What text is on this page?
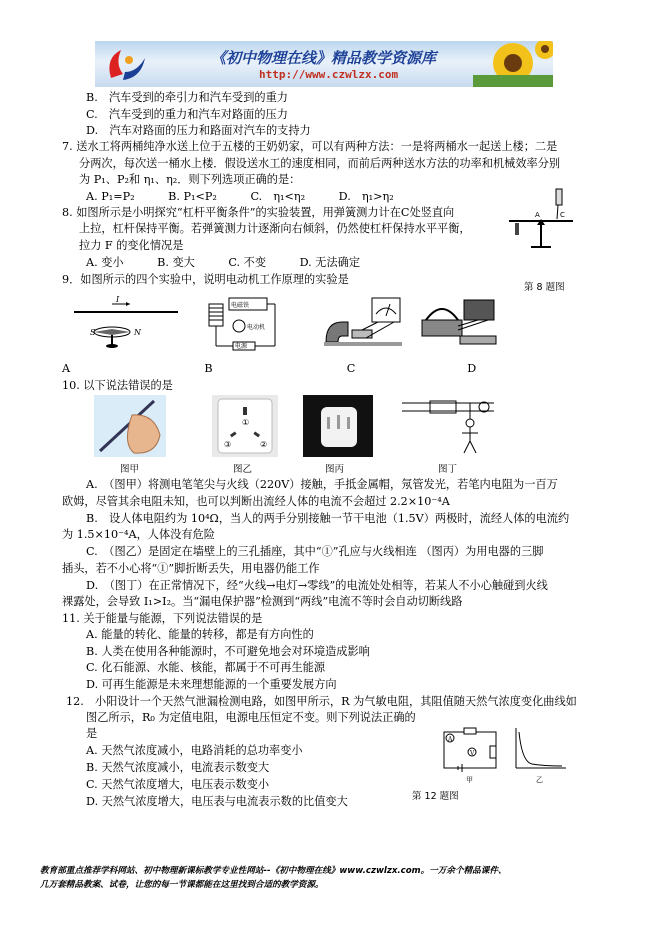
《初中物理在线》精品教学资源库
http://www.czwlzx.com
B.　汽车受到的牵引力和汽车受到的重力
C.　汽车受到的重力和汽车对路面的压力
D.　汽车对路面的压力和路面对汽车的支持力
7. 送水工将两桶纯净水送上位于五楼的王奶奶家，可以有两种方法：一是将两桶水一起送上楼；二是
分两次，每次送一桶水上楼．假设送水工的速度相同，而前后两种送水方法的功率和机械效率分别
为 P₁、P₂和 η₁、η₂．则下列选项正确的是：
A. P₁=P₂　　　B. P₁<P₂　　　C.　η₁<η₂　　　D.　η₁>η₂
8. 如图所示是小明探究“杠杆平衡条件”的实验装置，用弹簧测力计在C处竖直向
上拉，杠杆保持平衡。若弹簧测力计逐渐向右倾斜，仍然使杠杆保持水平平衡，
拉力 F 的变化情况是
A. 变小　　　B. 变大　　　C. 不变　　　D. 无法确定
9．如图所示的四个实验中，说明电动机工作原理的实验是
A　　　　　　　　　　　　B　　　　　　　　　　　　C　　　　　　　　　　D
10. 以下说法错误的是
A.　（图甲）将测电笔笔尖与火线（220V）接触，手抵金属帽，氖管发光，若笔内电阻为一百万
欧姆，尽管其余电阻未知，也可以判断出流经人体的电流不会超过 2.2×10⁻⁴A
B.　设人体电阻约为 10⁴Ω，当人的两手分别接触一节干电池（1.5V）两极时，流经人体的电流约
为 1.5×10⁻⁴A，人体没有危险
C.　（图乙）是固定在墙壁上的三孔插座，其中“①”孔应与火线相连 （图丙）为用电器的三脚
插头，若不小心将“①”脚折断丢失，用电器仍能工作
D.　（图丁）在正常情况下，经“火线→电灯→零线”的电流处处相等，若某人不小心触碰到火线
裸露处，会导致 I₁>I₂。当“漏电保护器”检测到“两线”电流不等时会自动切断线路
11. 关于能量与能源，下列说法错误的是
A. 能量的转化、能量的转移，都是有方向性的
B. 人类在使用各种能源时，不可避免地会对环境造成影响
C. 化石能源、水能、核能，都属于不可再生能源
D. 可再生能源是未来理想能源的一个重要发展方向
12.　小阳设计一个天然气泄漏检测电路，如图甲所示，R 为气敏电阻，其阻值随天然气浓度变化曲线如
图乙所示，R₀ 为定值电阻，电源电压恒定不变。则下列说法正确的
是
A. 天然气浓度减小，电路消耗的总功率变小
B. 天然气浓度减小，电流表示数变大
C. 天然气浓度增大，电压表示数变小
D. 天然气浓度增大，电压表与电流表示数的比值变大
A	C
第 8 题图
I
S	N
电磁铁
电动机
电源
①
②
③
图甲	图乙	图丙	图丁
A
V
甲	乙
第 12 题图
教育部重点推荐学科网站、初中物理新课标教学专业性网站--《初中物理在线》www.czwlzx.com。一万余个精品课件、
几万套精品教案、试卷，让您的每一节课都能在这里找到合适的教学资源。
